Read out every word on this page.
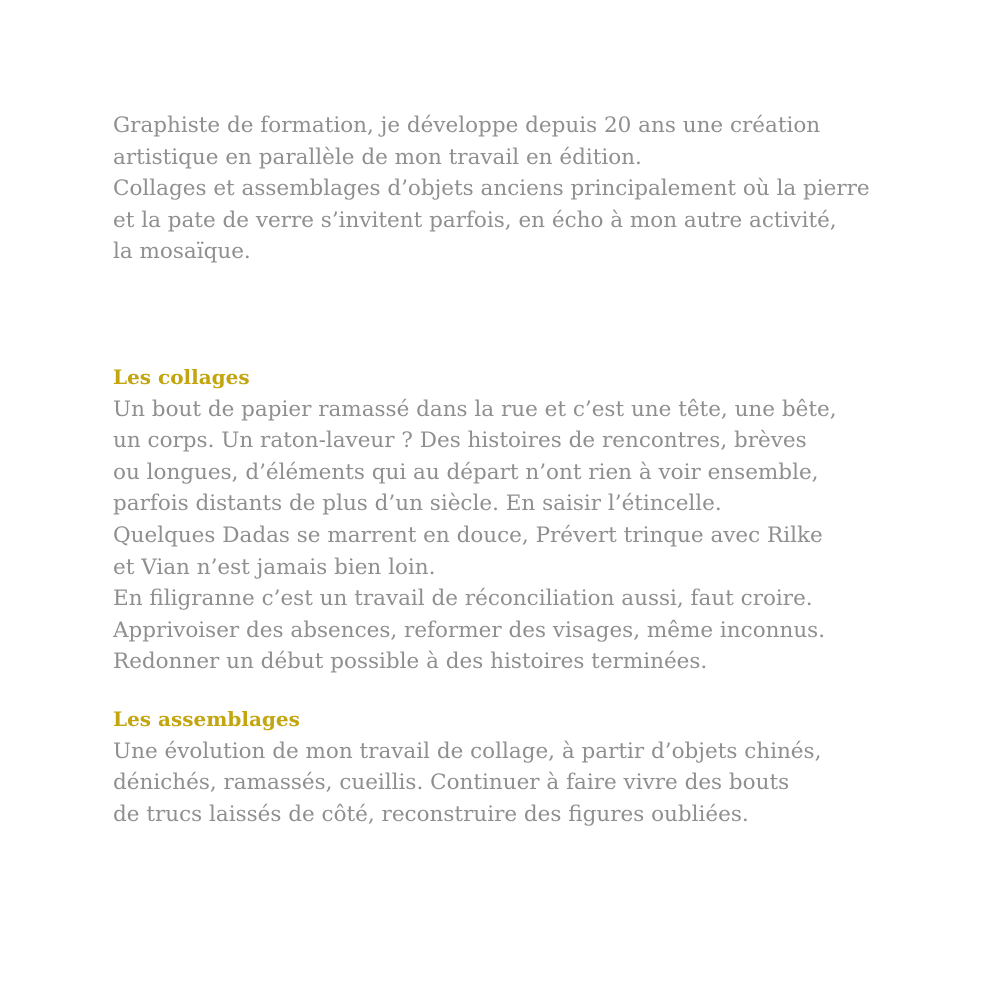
Graphiste de formation, je développe depuis 20 ans une création
artistique en parallèle de mon travail en édition.
Collages et assemblages d’objets anciens principalement où la pierre
et la pate de verre s’invitent parfois, en écho à mon autre activité,
la mosaïque.
Les collages
Un bout de papier ramassé dans la rue et c’est une tête, une bête,
un corps. Un raton-laveur ? Des histoires de rencontres, brèves
ou longues, d’éléments qui au départ n’ont rien à voir ensemble,
parfois distants de plus d’un siècle. En saisir l’étincelle.
Quelques Dadas se marrent en douce, Prévert trinque avec Rilke
et Vian n’est jamais bien loin.
En filigranne c’est un travail de réconciliation aussi, faut croire.
Apprivoiser des absences, reformer des visages, même inconnus.
Redonner un début possible à des histoires terminées.
Les assemblages
Une évolution de mon travail de collage, à partir d’objets chinés,
dénichés, ramassés, cueillis. Continuer à faire vivre des bouts
de trucs laissés de côté, reconstruire des figures oubliées.
